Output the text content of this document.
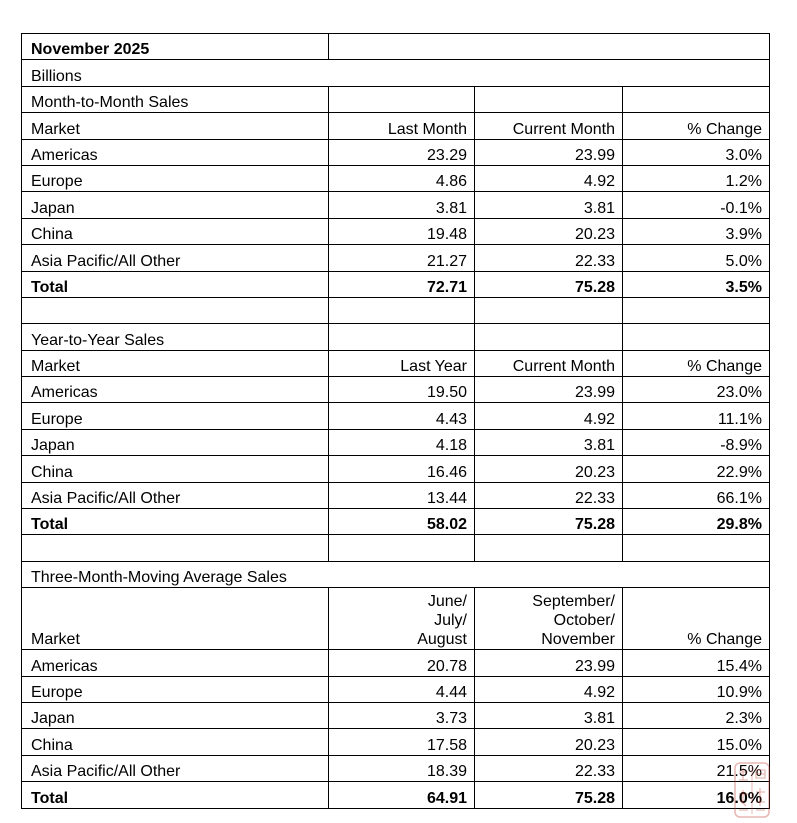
November 2025			
Billions			
Month-to-Month Sales			
Market	Last Month	Current Month	% Change
Americas	23.29	23.99	3.0%
Europe	4.86	4.92	1.2%
Japan	3.81	3.81	-0.1%
China	19.48	20.23	3.9%
Asia Pacific/All Other	21.27	22.33	5.0%
Total	72.71	75.28	3.5%

Year-to-Year Sales			
Market	Last Year	Current Month	% Change
Americas	19.50	23.99	23.0%
Europe	4.43	4.92	11.1%
Japan	4.18	3.81	-8.9%
China	16.46	20.23	22.9%
Asia Pacific/All Other	13.44	22.33	66.1%
Total	58.02	75.28	29.8%

Three-Month-Moving Average Sales			
Market	June/
July/
August	September/
October/
November	% Change
Americas	20.78	23.99	15.4%
Europe	4.44	4.92	10.9%
Japan	3.73	3.81	2.3%
China	17.58	20.23	15.0%
Asia Pacific/All Other	18.39	22.33	21.5%
Total	64.91	75.28	16.0%
